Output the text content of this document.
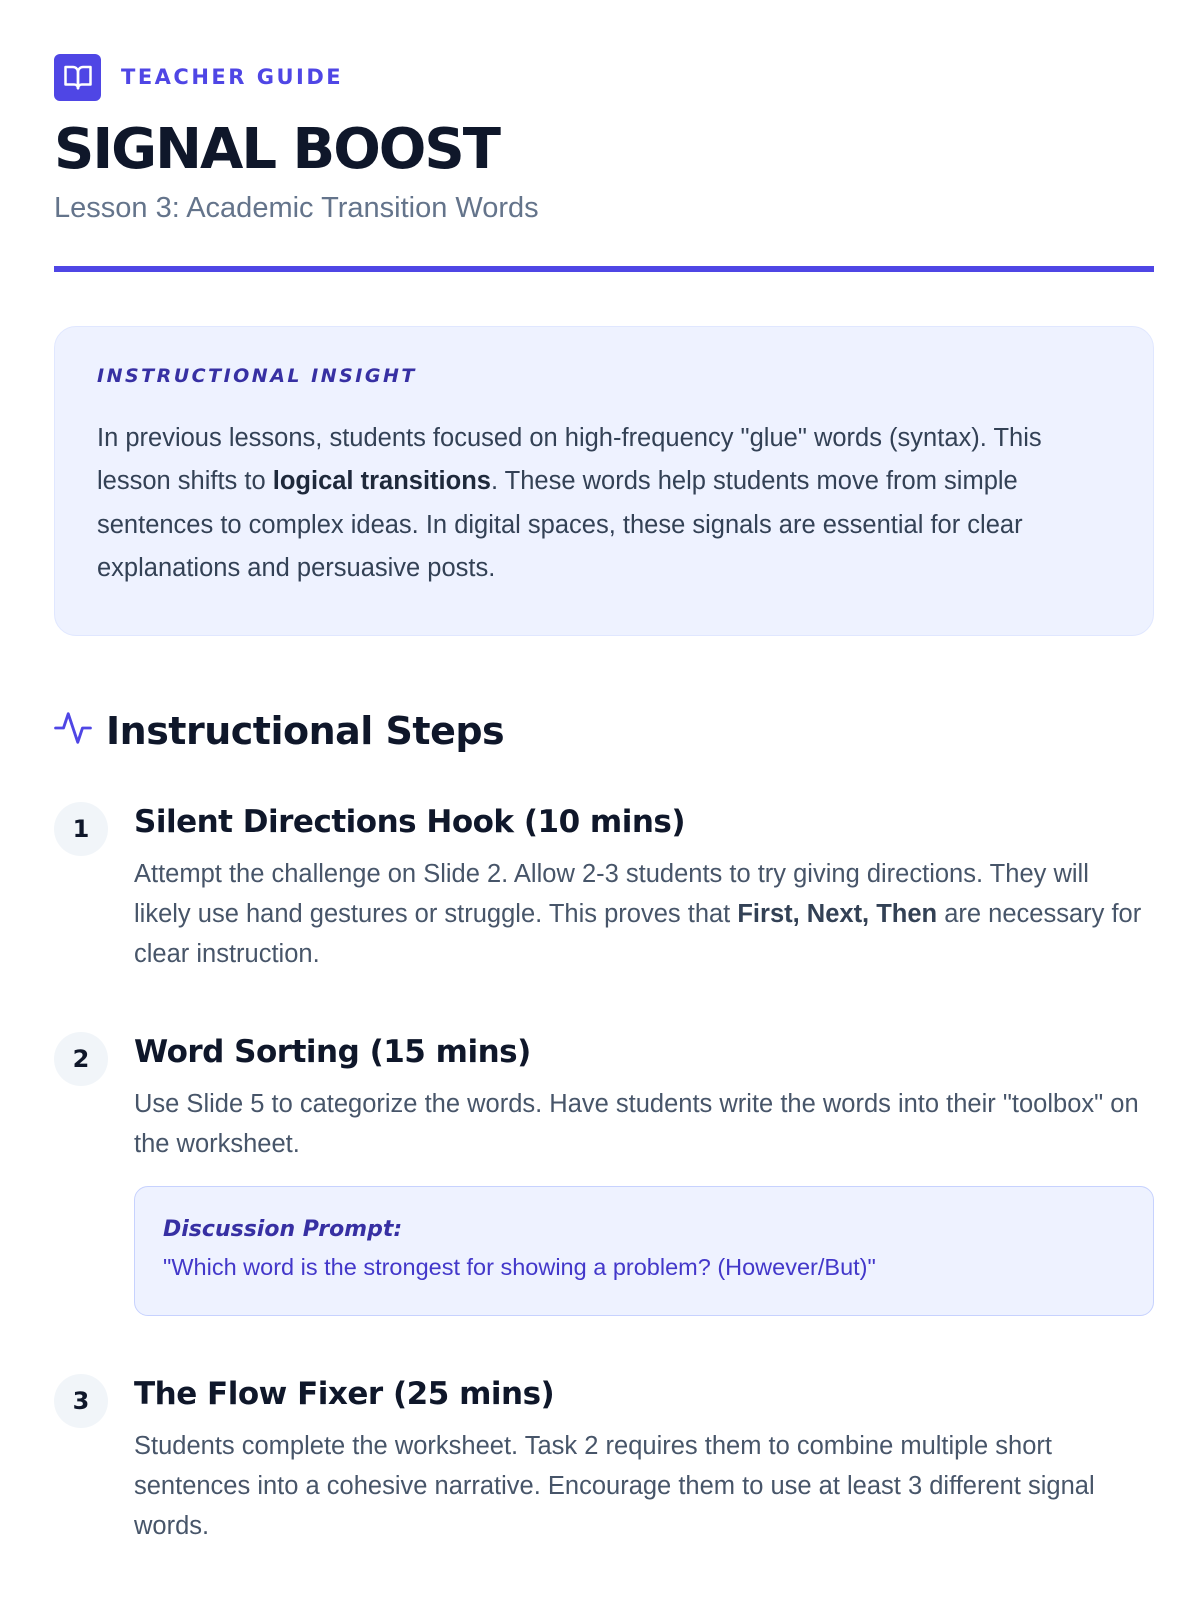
TEACHER GUIDE
SIGNAL BOOST
Lesson 3: Academic Transition Words
INSTRUCTIONAL INSIGHT

In previous lessons, students focused on high-frequency "glue" words (syntax). This lesson shifts to logical transitions. These words help students move from simple sentences to complex ideas. In digital spaces, these signals are essential for clear explanations and persuasive posts.

Instructional Steps
1	Silent Directions Hook (10 mins)

Attempt the challenge on Slide 2. Allow 2-3 students to try giving directions. They will likely use hand gestures or struggle. This proves that First, Next, Then are necessary for clear instruction.

2	Word Sorting (15 mins)

Use Slide 5 to categorize the words. Have students write the words into their "toolbox" on the worksheet.

Discussion Prompt:
"Which word is the strongest for showing a problem? (However/But)"
3	The Flow Fixer (25 mins)

Students complete the worksheet. Task 2 requires them to combine multiple short sentences into a cohesive narrative. Encourage them to use at least 3 different signal words.
